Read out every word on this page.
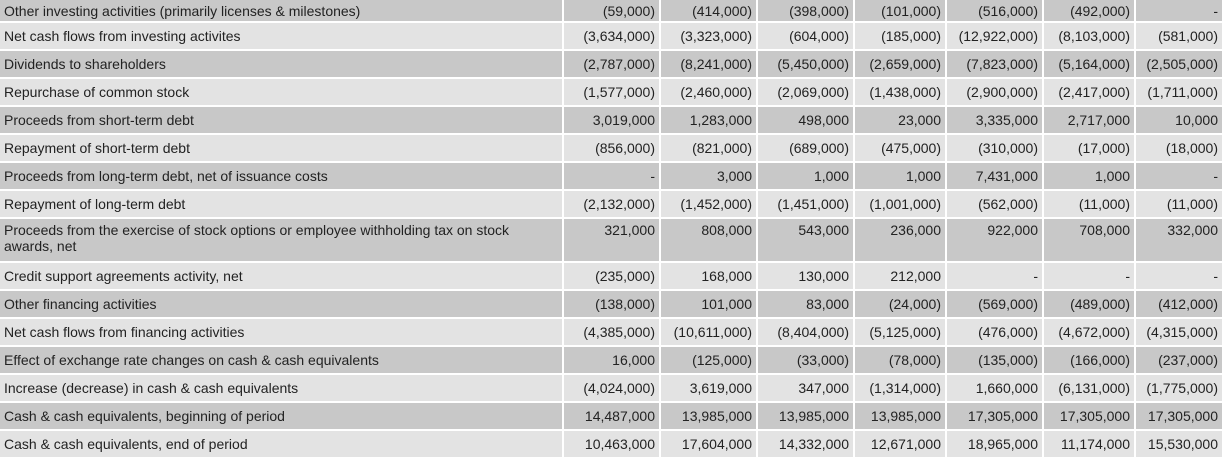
Other investing activities (primarily licenses & milestones)	(59,000)	(414,000)	(398,000)	(101,000)	(516,000)	(492,000)	-
Net cash flows from investing activites	(3,634,000)	(3,323,000)	(604,000)	(185,000)	(12,922,000)	(8,103,000)	(581,000)
Dividends to shareholders	(2,787,000)	(8,241,000)	(5,450,000)	(2,659,000)	(7,823,000)	(5,164,000)	(2,505,000)
Repurchase of common stock	(1,577,000)	(2,460,000)	(2,069,000)	(1,438,000)	(2,900,000)	(2,417,000)	(1,711,000)
Proceeds from short-term debt	3,019,000	1,283,000	498,000	23,000	3,335,000	2,717,000	10,000
Repayment of short-term debt	(856,000)	(821,000)	(689,000)	(475,000)	(310,000)	(17,000)	(18,000)
Proceeds from long-term debt, net of issuance costs	-	3,000	1,000	1,000	7,431,000	1,000	-
Repayment of long-term debt	(2,132,000)	(1,452,000)	(1,451,000)	(1,001,000)	(562,000)	(11,000)	(11,000)
Proceeds from the exercise of stock options or employee withholding tax on stock awards, net	321,000	808,000	543,000	236,000	922,000	708,000	332,000
Credit support agreements activity, net	(235,000)	168,000	130,000	212,000	-	-	-
Other financing activities	(138,000)	101,000	83,000	(24,000)	(569,000)	(489,000)	(412,000)
Net cash flows from financing activities	(4,385,000)	(10,611,000)	(8,404,000)	(5,125,000)	(476,000)	(4,672,000)	(4,315,000)
Effect of exchange rate changes on cash & cash equivalents	16,000	(125,000)	(33,000)	(78,000)	(135,000)	(166,000)	(237,000)
Increase (decrease) in cash & cash equivalents	(4,024,000)	3,619,000	347,000	(1,314,000)	1,660,000	(6,131,000)	(1,775,000)
Cash & cash equivalents, beginning of period	14,487,000	13,985,000	13,985,000	13,985,000	17,305,000	17,305,000	17,305,000
Cash & cash equivalents, end of period	10,463,000	17,604,000	14,332,000	12,671,000	18,965,000	11,174,000	15,530,000
